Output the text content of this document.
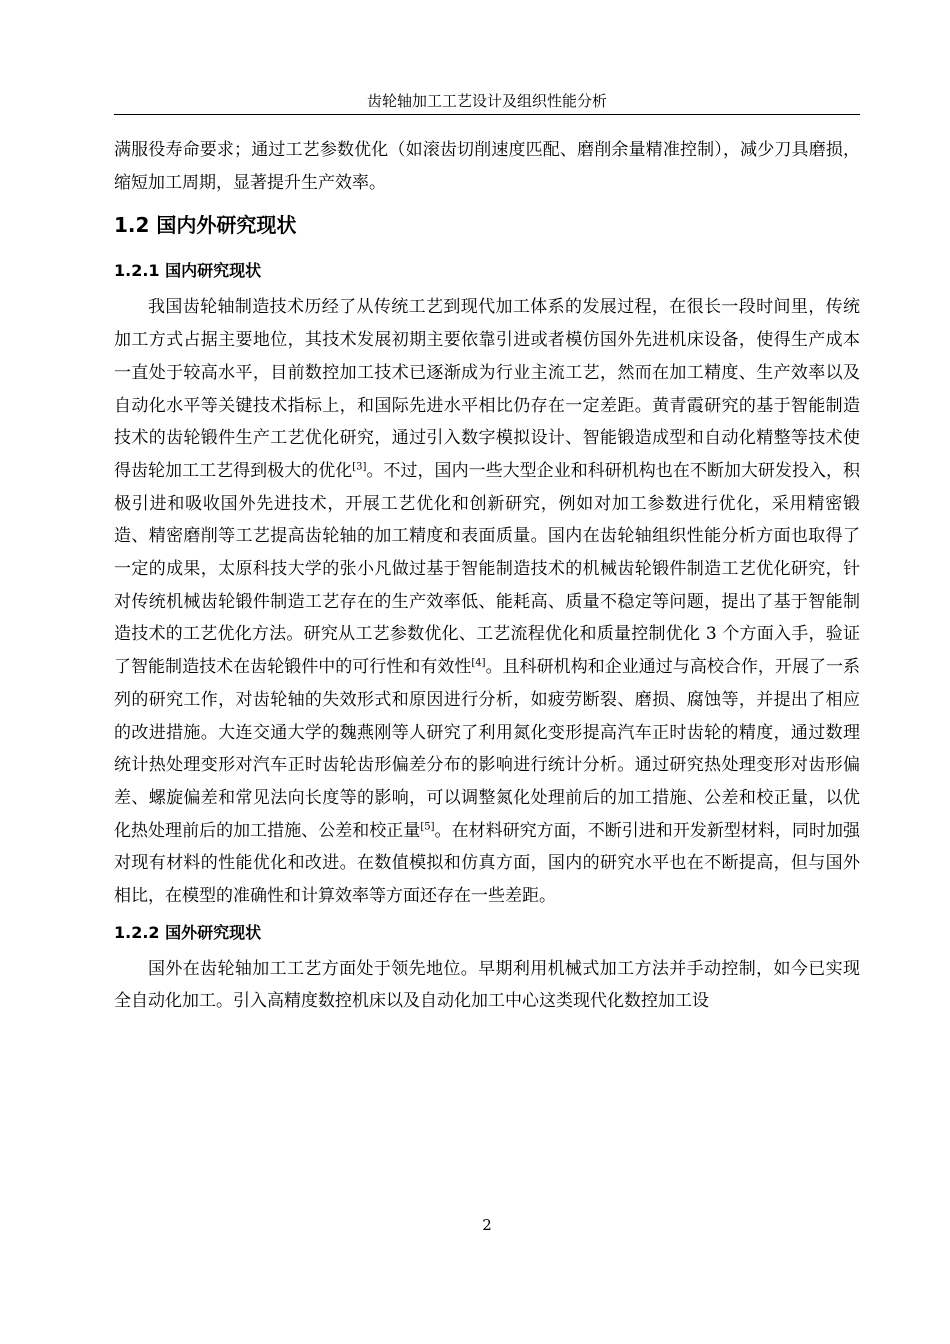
齿轮轴加工工艺设计及组织性能分析

满服役寿命要求；通过工艺参数优化（如滚齿切削速度匹配、磨削余量精准控制），减少刀具磨损，缩短加工周期，显著提升生产效率。

1.2 国内外研究现状
1.2.1 国内研究现状

我国齿轮轴制造技术历经了从传统工艺到现代加工体系的发展过程，在很长一段时间里，传统加工方式占据主要地位，其技术发展初期主要依靠引进或者模仿国外先进机床设备，使得生产成本一直处于较高水平，目前数控加工技术已逐渐成为行业主流工艺，然而在加工精度、生产效率以及自动化水平等关键技术指标上，和国际先进水平相比仍存在一定差距。黄青霞研究的基于智能制造技术的齿轮锻件生产工艺优化研究，通过引入数字模拟设计、智能锻造成型和自动化精整等技术使得齿轮加工工艺得到极大的优化[3]。不过，国内一些大型企业和科研机构也在不断加大研发投入，积极引进和吸收国外先进技术，开展工艺优化和创新研究，例如对加工参数进行优化，采用精密锻造、精密磨削等工艺提高齿轮轴的加工精度和表面质量。国内在齿轮轴组织性能分析方面也取得了一定的成果，太原科技大学的张小凡做过基于智能制造技术的机械齿轮锻件制造工艺优化研究，针对传统机械齿轮锻件制造工艺存在的生产效率低、能耗高、质量不稳定等问题，提出了基于智能制造技术的工艺优化方法。研究从工艺参数优化、工艺流程优化和质量控制优化 3 个方面入手，验证了智能制造技术在齿轮锻件中的可行性和有效性[4]。且科研机构和企业通过与高校合作，开展了一系列的研究工作，对齿轮轴的失效形式和原因进行分析，如疲劳断裂、磨损、腐蚀等，并提出了相应的改进措施。大连交通大学的魏燕刚等人研究了利用氮化变形提高汽车正时齿轮的精度，通过数理统计热处理变形对汽车正时齿轮齿形偏差分布的影响进行统计分析。通过研究热处理变形对齿形偏差、螺旋偏差和常见法向长度等的影响，可以调整氮化处理前后的加工措施、公差和校正量，以优化热处理前后的加工措施、公差和校正量[5]。在材料研究方面，不断引进和开发新型材料，同时加强对现有材料的性能优化和改进。在数值模拟和仿真方面，国内的研究水平也在不断提高，但与国外相比，在模型的准确性和计算效率等方面还存在一些差距。

1.2.2 国外研究现状

国外在齿轮轴加工工艺方面处于领先地位。早期利用机械式加工方法并手动控制，如今已实现全自动化加工。引入高精度数控机床以及自动化加工中心这类现代化数控加工设

2
